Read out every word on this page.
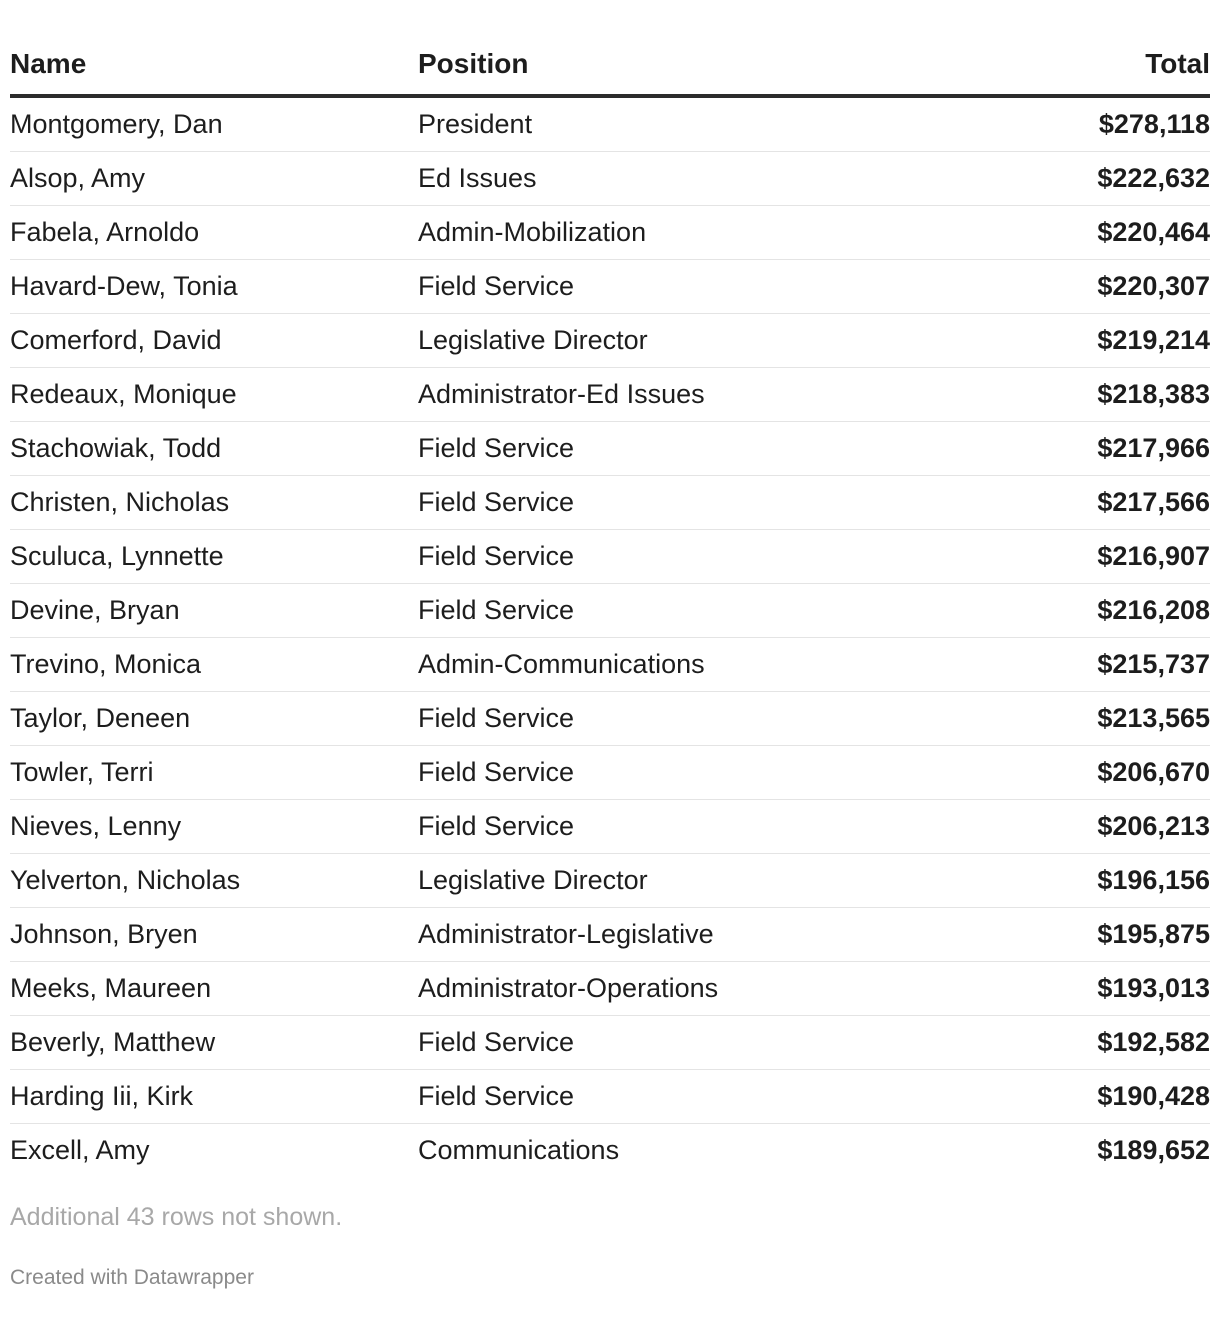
Name	Position	Total
Montgomery, Dan	President	$278,118
Alsop, Amy	Ed Issues	$222,632
Fabela, Arnoldo	Admin-Mobilization	$220,464
Havard-Dew, Tonia	Field Service	$220,307
Comerford, David	Legislative Director	$219,214
Redeaux, Monique	Administrator-Ed Issues	$218,383
Stachowiak, Todd	Field Service	$217,966
Christen, Nicholas	Field Service	$217,566
Sculuca, Lynnette	Field Service	$216,907
Devine, Bryan	Field Service	$216,208
Trevino, Monica	Admin-Communications	$215,737
Taylor, Deneen	Field Service	$213,565
Towler, Terri	Field Service	$206,670
Nieves, Lenny	Field Service	$206,213
Yelverton, Nicholas	Legislative Director	$196,156
Johnson, Bryen	Administrator-Legislative	$195,875
Meeks, Maureen	Administrator-Operations	$193,013
Beverly, Matthew	Field Service	$192,582
Harding Iii, Kirk	Field Service	$190,428
Excell, Amy	Communications	$189,652
Additional 43 rows not shown.
Created with Datawrapper
